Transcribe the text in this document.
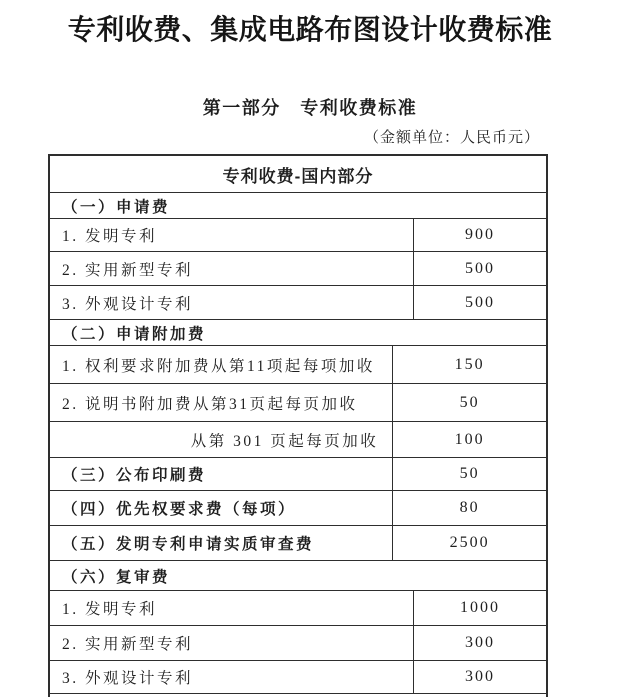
专利收费、集成电路布图设计收费标准
第一部分　专利收费标准
（金额单位：人民币元）
专利收费-国内部分
（一）申请费
1. 发明专利	900
2. 实用新型专利	500
3. 外观设计专利	500
（二）申请附加费
1. 权利要求附加费从第11项起每项加收	150
2. 说明书附加费从第31页起每页加收	50
从第 301 页起每页加收	100
（三）公布印刷费	50
（四）优先权要求费（每项）	80
（五）发明专利申请实质审查费	2500
（六）复审费
1. 发明专利	1000
2. 实用新型专利	300
3. 外观设计专利	300
